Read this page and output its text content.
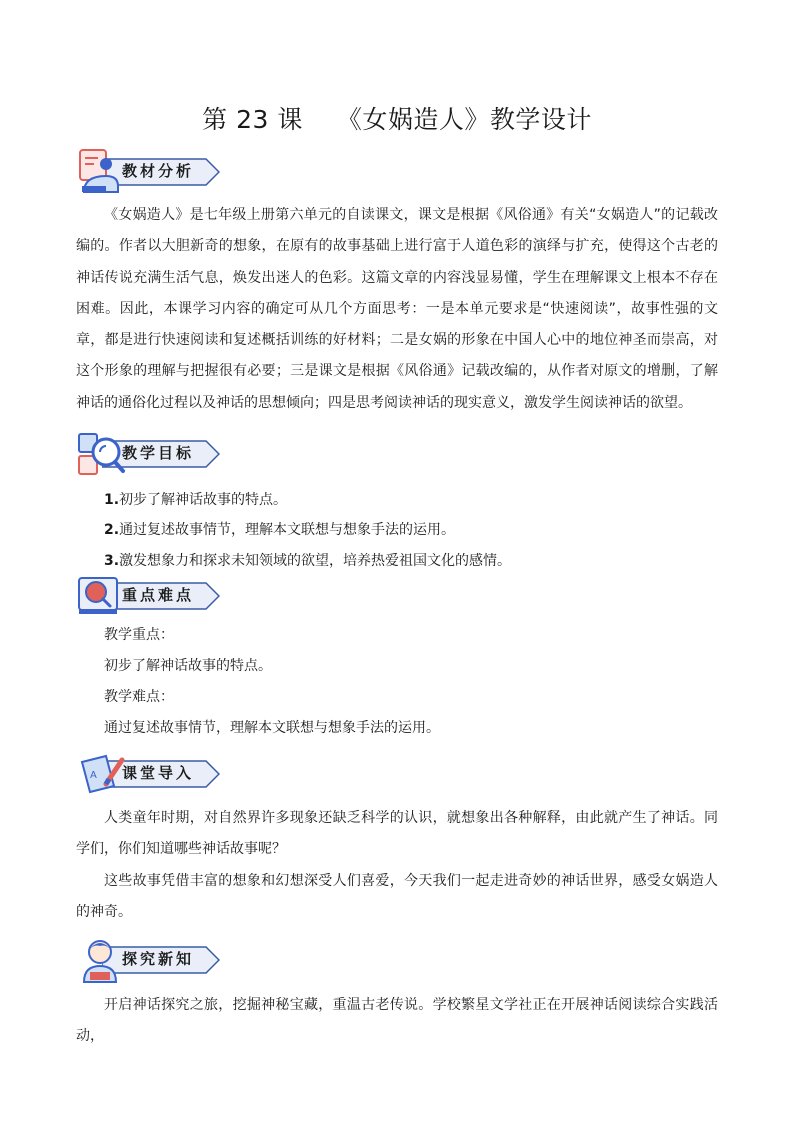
第 23 课 《女娲造人》教学设计
教材分析
《女娲造人》是七年级上册第六单元的自读课文，课文是根据《风俗通》有关“女娲造人”的记载改编的。作者以大胆新奇的想象，在原有的故事基础上进行富于人道色彩的演绎与扩充，使得这个古老的神话传说充满生活气息，焕发出迷人的色彩。这篇文章的内容浅显易懂，学生在理解课文上根本不存在困难。因此，本课学习内容的确定可从几个方面思考：一是本单元要求是“快速阅读”，故事性强的文章，都是进行快速阅读和复述概括训练的好材料；二是女娲的形象在中国人心中的地位神圣而崇高，对这个形象的理解与把握很有必要；三是课文是根据《风俗通》记载改编的，从作者对原文的增删，了解神话的通俗化过程以及神话的思想倾向；四是思考阅读神话的现实意义，激发学生阅读神话的欲望。
教学目标
1.初步了解神话故事的特点。
2.通过复述故事情节，理解本文联想与想象手法的运用。
3.激发想象力和探求未知领域的欲望，培养热爱祖国文化的感情。
重点难点
教学重点：
初步了解神话故事的特点。
教学难点：
通过复述故事情节，理解本文联想与想象手法的运用。
A 课堂导入
人类童年时期，对自然界许多现象还缺乏科学的认识，就想象出各种解释，由此就产生了神话。同学们，你们知道哪些神话故事呢？
这些故事凭借丰富的想象和幻想深受人们喜爱，今天我们一起走进奇妙的神话世界，感受女娲造人的神奇。
探究新知
开启神话探究之旅，挖掘神秘宝藏，重温古老传说。学校繁星文学社正在开展神话阅读综合实践活动，
